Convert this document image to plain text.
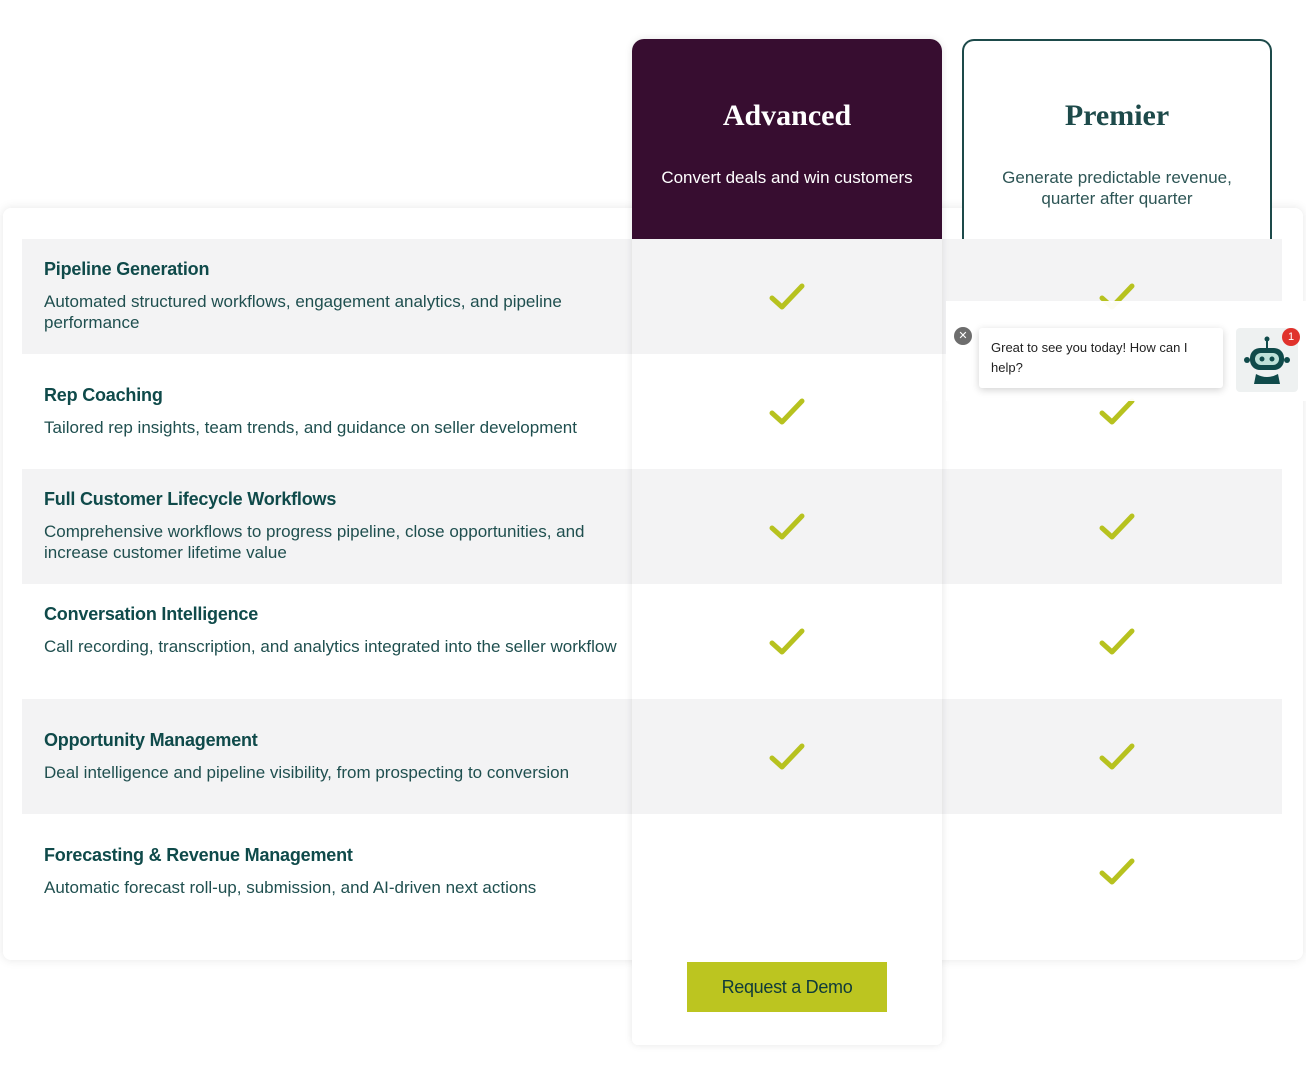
Pipeline Generation
Automated structured workflows, engagement analytics, and pipeline performance
Rep Coaching
Tailored rep insights, team trends, and guidance on seller development
Full Customer Lifecycle Workflows
Comprehensive workflows to progress pipeline, close opportunities, and increase customer lifetime value
Conversation Intelligence
Call recording, transcription, and analytics integrated into the seller workflow
Opportunity Management
Deal intelligence and pipeline visibility, from prospecting to conversion
Forecasting & Revenue Management
Automatic forecast roll-up, submission, and AI-driven next actions
Advanced
Convert deals and win customers
Premier
Generate predictable revenue, quarter after quarter
Request a Demo
✕
Great to see you today! How can I help?
1
